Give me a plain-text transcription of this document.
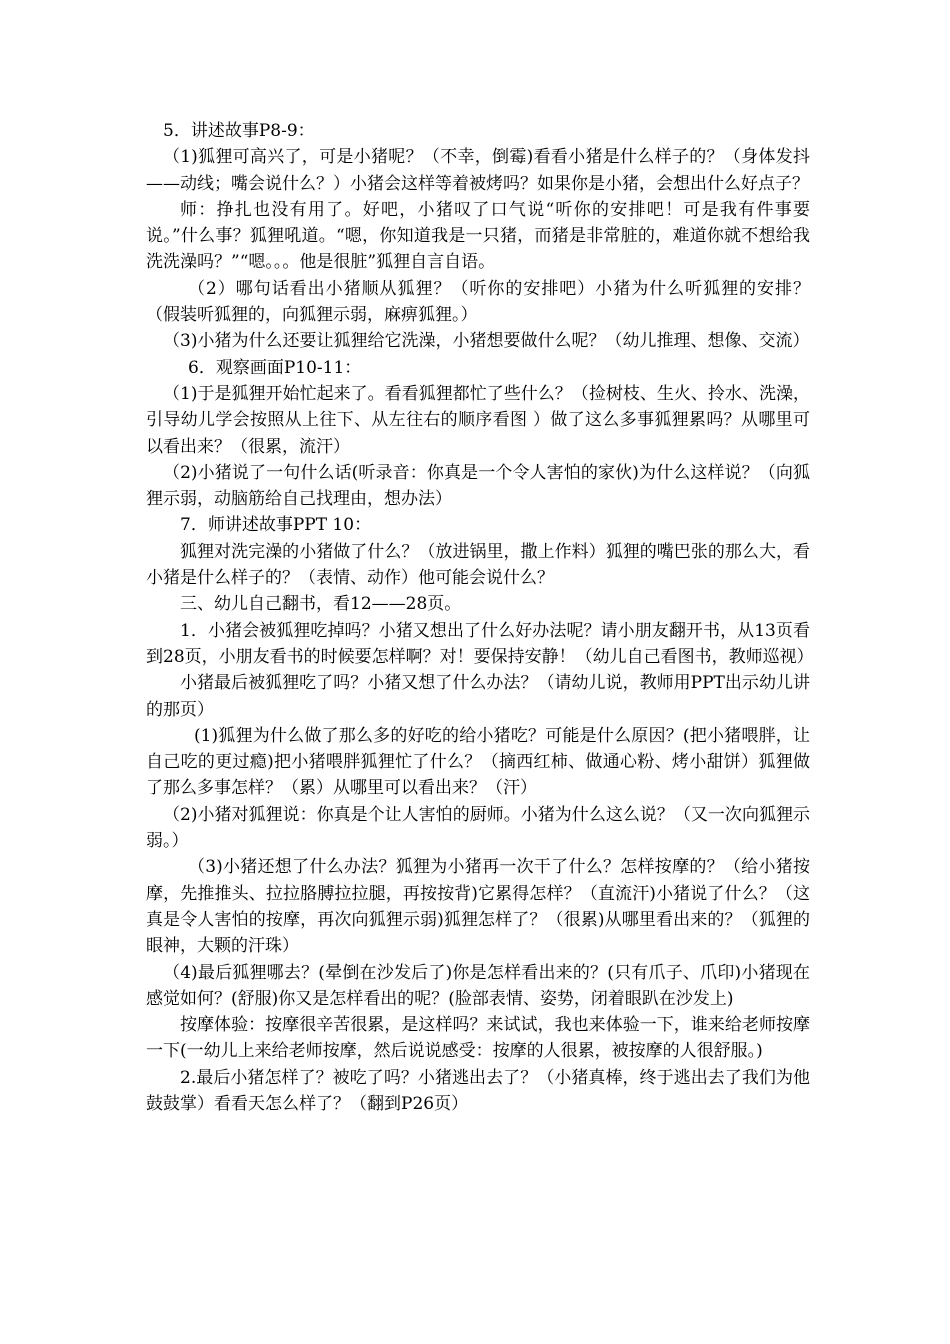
5．讲述故事P8-9：

（1)狐狸可高兴了，可是小猪呢？（不幸，倒霉)看看小猪是什么样子的？（身体发抖——动线；嘴会说什么？）小猪会这样等着被烤吗？如果你是小猪，会想出什么好点子？

师：挣扎也没有用了。好吧，小猪叹了口气说“听你的安排吧！可是我有件事要说。”什么事？狐狸吼道。“嗯，你知道我是一只猪，而猪是非常脏的，难道你就不想给我洗洗澡吗？”“嗯。。。他是很脏”狐狸自言自语。

（2）哪句话看出小猪顺从狐狸？（听你的安排吧）小猪为什么听狐狸的安排？（假装听狐狸的，向狐狸示弱，麻痹狐狸。）

（3)小猪为什么还要让狐狸给它洗澡，小猪想要做什么呢？（幼儿推理、想像、交流）

6．观察画面P10-11：

（1)于是狐狸开始忙起来了。看看狐狸都忙了些什么？（捡树枝、生火、拎水、洗澡，引导幼儿学会按照从上往下、从左往右的顺序看图 ）做了这么多事狐狸累吗？从哪里可以看出来？（很累，流汗）

（2)小猪说了一句什么话(听录音：你真是一个令人害怕的家伙)为什么这样说？（向狐狸示弱，动脑筋给自己找理由，想办法）

7．师讲述故事PPT 10：

狐狸对洗完澡的小猪做了什么？（放进锅里，撒上作料）狐狸的嘴巴张的那么大，看小猪是什么样子的？（表情、动作）他可能会说什么？

三、幼儿自己翻书，看12——28页。

1．小猪会被狐狸吃掉吗？小猪又想出了什么好办法呢？请小朋友翻开书，从13页看到28页，小朋友看书的时候要怎样啊？对！要保持安静！（幼儿自己看图书，教师巡视）

小猪最后被狐狸吃了吗？小猪又想了什么办法？（请幼儿说，教师用PPT出示幼儿讲的那页）

(1)狐狸为什么做了那么多的好吃的给小猪吃？可能是什么原因？(把小猪喂胖，让自己吃的更过瘾)把小猪喂胖狐狸忙了什么？（摘西红柿、做通心粉、烤小甜饼）狐狸做了那么多事怎样？（累）从哪里可以看出来？（汗）

（2)小猪对狐狸说：你真是个让人害怕的厨师。小猪为什么这么说？（又一次向狐狸示弱。）

（3)小猪还想了什么办法？狐狸为小猪再一次干了什么？怎样按摩的？（给小猪按摩，先推推头、拉拉胳膊拉拉腿，再按按背)它累得怎样？（直流汗)小猪说了什么？（这真是令人害怕的按摩，再次向狐狸示弱)狐狸怎样了？（很累)从哪里看出来的？（狐狸的眼神，大颗的汗珠）

（4)最后狐狸哪去？(晕倒在沙发后了)你是怎样看出来的？(只有爪子、爪印)小猪现在感觉如何？(舒服)你又是怎样看出的呢？(脸部表情、姿势，闭着眼趴在沙发上)

按摩体验：按摩很辛苦很累，是这样吗？来试试，我也来体验一下，谁来给老师按摩一下(一幼儿上来给老师按摩，然后说说感受：按摩的人很累，被按摩的人很舒服。)

2.最后小猪怎样了？被吃了吗？小猪逃出去了？（小猪真棒，终于逃出去了我们为他鼓鼓掌）看看天怎么样了？（翻到P26页）
